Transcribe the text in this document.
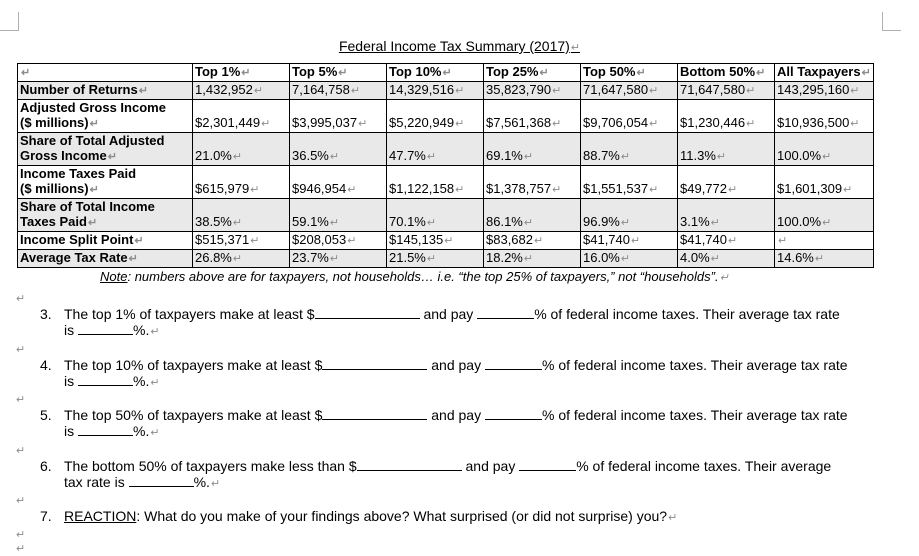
Federal Income Tax Summary (2017)↵
↵	Top 1%↵	Top 5%↵	Top 10%↵	Top 25%↵	Top 50%↵	Bottom 50%↵	All Taxpayers↵
Number of Returns↵	1,432,952↵	7,164,758↵	14,329,516↵	35,823,790↵	71,647,580↵	71,647,580↵	143,295,160↵
Adjusted Gross Income
($ millions)↵	$2,301,449↵	$3,995,037↵	$5,220,949↵	$7,561,368↵	$9,706,054↵	$1,230,446↵	$10,936,500↵
Share of Total Adjusted
Gross Income↵	21.0%↵	36.5%↵	47.7%↵	69.1%↵	88.7%↵	11.3%↵	100.0%↵
Income Taxes Paid
($ millions)↵	$615,979↵	$946,954↵	$1,122,158↵	$1,378,757↵	$1,551,537↵	$49,772↵	$1,601,309↵
Share of Total Income
Taxes Paid↵	38.5%↵	59.1%↵	70.1%↵	86.1%↵	96.9%↵	3.1%↵	100.0%↵
Income Split Point↵	$515,371↵	$208,053↵	$145,135↵	$83,682↵	$41,740↵	$41,740↵	↵
Average Tax Rate↵	26.8%↵	23.7%↵	21.5%↵	18.2%↵	16.0%↵	4.0%↵	14.6%↵
Note: numbers above are for taxpayers, not households… i.e. “the top 25% of taxpayers,” not “households”.↵
↵
↵
↵
↵
↵
↵
↵
3. The top 1% of taxpayers make at least $	and pay	% of federal income taxes. Their average tax rate
is	%.↵
4. The top 10% of taxpayers make at least $	and pay	% of federal income taxes. Their average tax rate
is	%.↵
5. The top 50% of taxpayers make at least $	and pay	% of federal income taxes. Their average tax rate
is	%.↵
6. The bottom 50% of taxpayers make less than $	and pay	% of federal income taxes. Their average
tax rate is	%.↵
7. REACTION: What do you make of your findings above? What surprised (or did not surprise) you?↵
